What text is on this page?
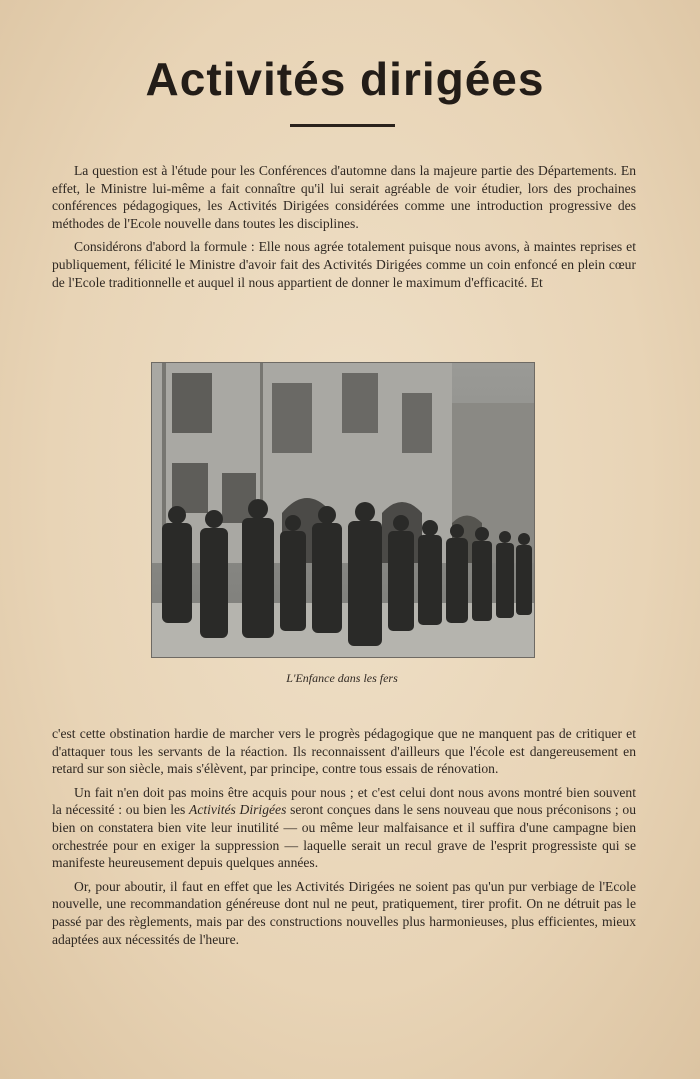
Activités dirigées

La question est à l'étude pour les Conférences d'automne dans la majeure partie des Départements. En effet, le Ministre lui-même a fait connaître qu'il lui serait agréable de voir étudier, lors des prochaines conférences pédagogiques, les Activités Dirigées considérées comme une introduction progressive des méthodes de l'Ecole nouvelle dans toutes les disciplines.

Considérons d'abord la formule : Elle nous agrée totalement puisque nous avons, à maintes reprises et publiquement, félicité le Ministre d'avoir fait des Activités Dirigées comme un coin enfoncé en plein cœur de l'Ecole traditionnelle et auquel il nous appartient de donner le maximum d'efficacité. Et

L'Enfance dans les fers

c'est cette obstination hardie de marcher vers le progrès pédagogique que ne manquent pas de critiquer et d'attaquer tous les servants de la réaction. Ils reconnaissent d'ailleurs que l'école est dangereusement en retard sur son siècle, mais s'élèvent, par principe, contre tous essais de rénovation.

Un fait n'en doit pas moins être acquis pour nous ; et c'est celui dont nous avons montré bien souvent la nécessité : ou bien les Activités Dirigées seront conçues dans le sens nouveau que nous préconisons ; ou bien on constatera bien vite leur inutilité — ou même leur malfaisance et il suffira d'une campagne bien orchestrée pour en exiger la suppression — laquelle serait un recul grave de l'esprit progressiste qui se manifeste heureusement depuis quelques années.

Or, pour aboutir, il faut en effet que les Activités Dirigées ne soient pas qu'un pur verbiage de l'Ecole nouvelle, une recommandation généreuse dont nul ne peut, pratiquement, tirer profit. On ne détruit pas le passé par des règlements, mais par des constructions nouvelles plus harmonieuses, plus efficientes, mieux adaptées aux nécessités de l'heure.
